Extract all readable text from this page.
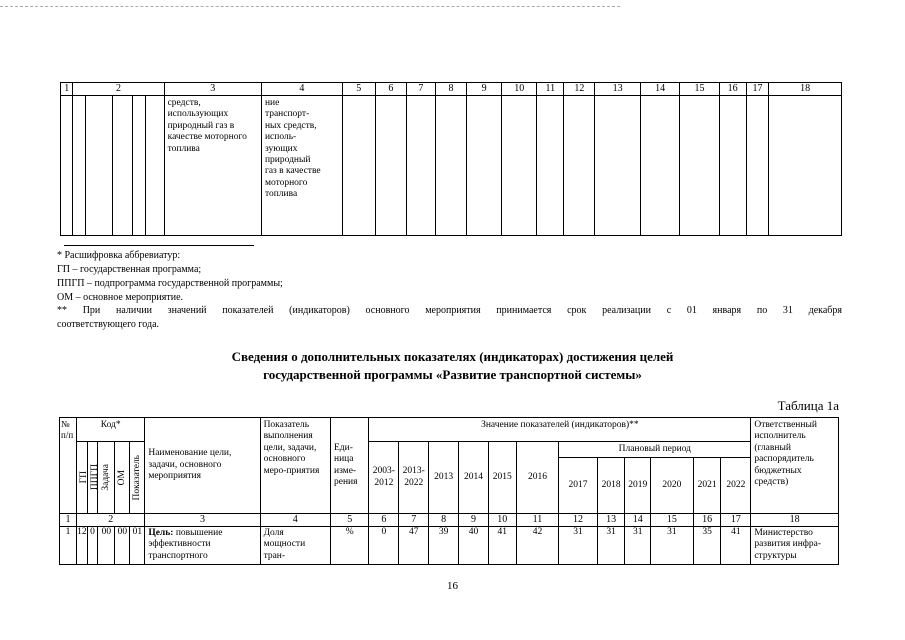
1	2					3	4	5	6	7	8	9	10	11	12	13	14	15	16	17	18
						средств, использующих природный газ в качестве моторного топлива	ние транспорт-ных средств, исполь-зующих природный газ в качестве моторного топлива														
* Расшифровка аббревиатур:
ГП – государственная программа;
ППГП – подпрограмма государственной программы;
ОМ – основное мероприятие.
** При наличии значений показателей (индикаторов) основного мероприятия принимается срок реализации с 01 января по 31 декабря
соответствующего года.
Сведения о дополнительных показателях (индикаторах) достижения целей
государственной программы «Развитие транспортной системы»
Таблица 1а
№ п/п	Код*					Наименование цели, задачи, основного мероприятия	Показатель выполнения цели, задачи, основного меро-приятия	Еди-ница изме-рения	Значение показателей (индикаторов)**												Ответственный исполнитель (главный распорядитель бюджетных средств)

	ГП	ППГП	Задача	ОМ	Показатель				2003-2012	2013-2022	2013	2014	2015	2016	Плановый период						
															2017	2018	2019	2020	2021	2022	
1	2					3	4	5	6	7	8	9	10	11	12	13	14	15	16	17	18
1	12	0	00	00	01	Цель: повышение эффективности транспортного	Доля мощности тран-	%	0	47	39	40	41	42	31	31	31	31	35	41	Министерство развития инфра-структуры
16
